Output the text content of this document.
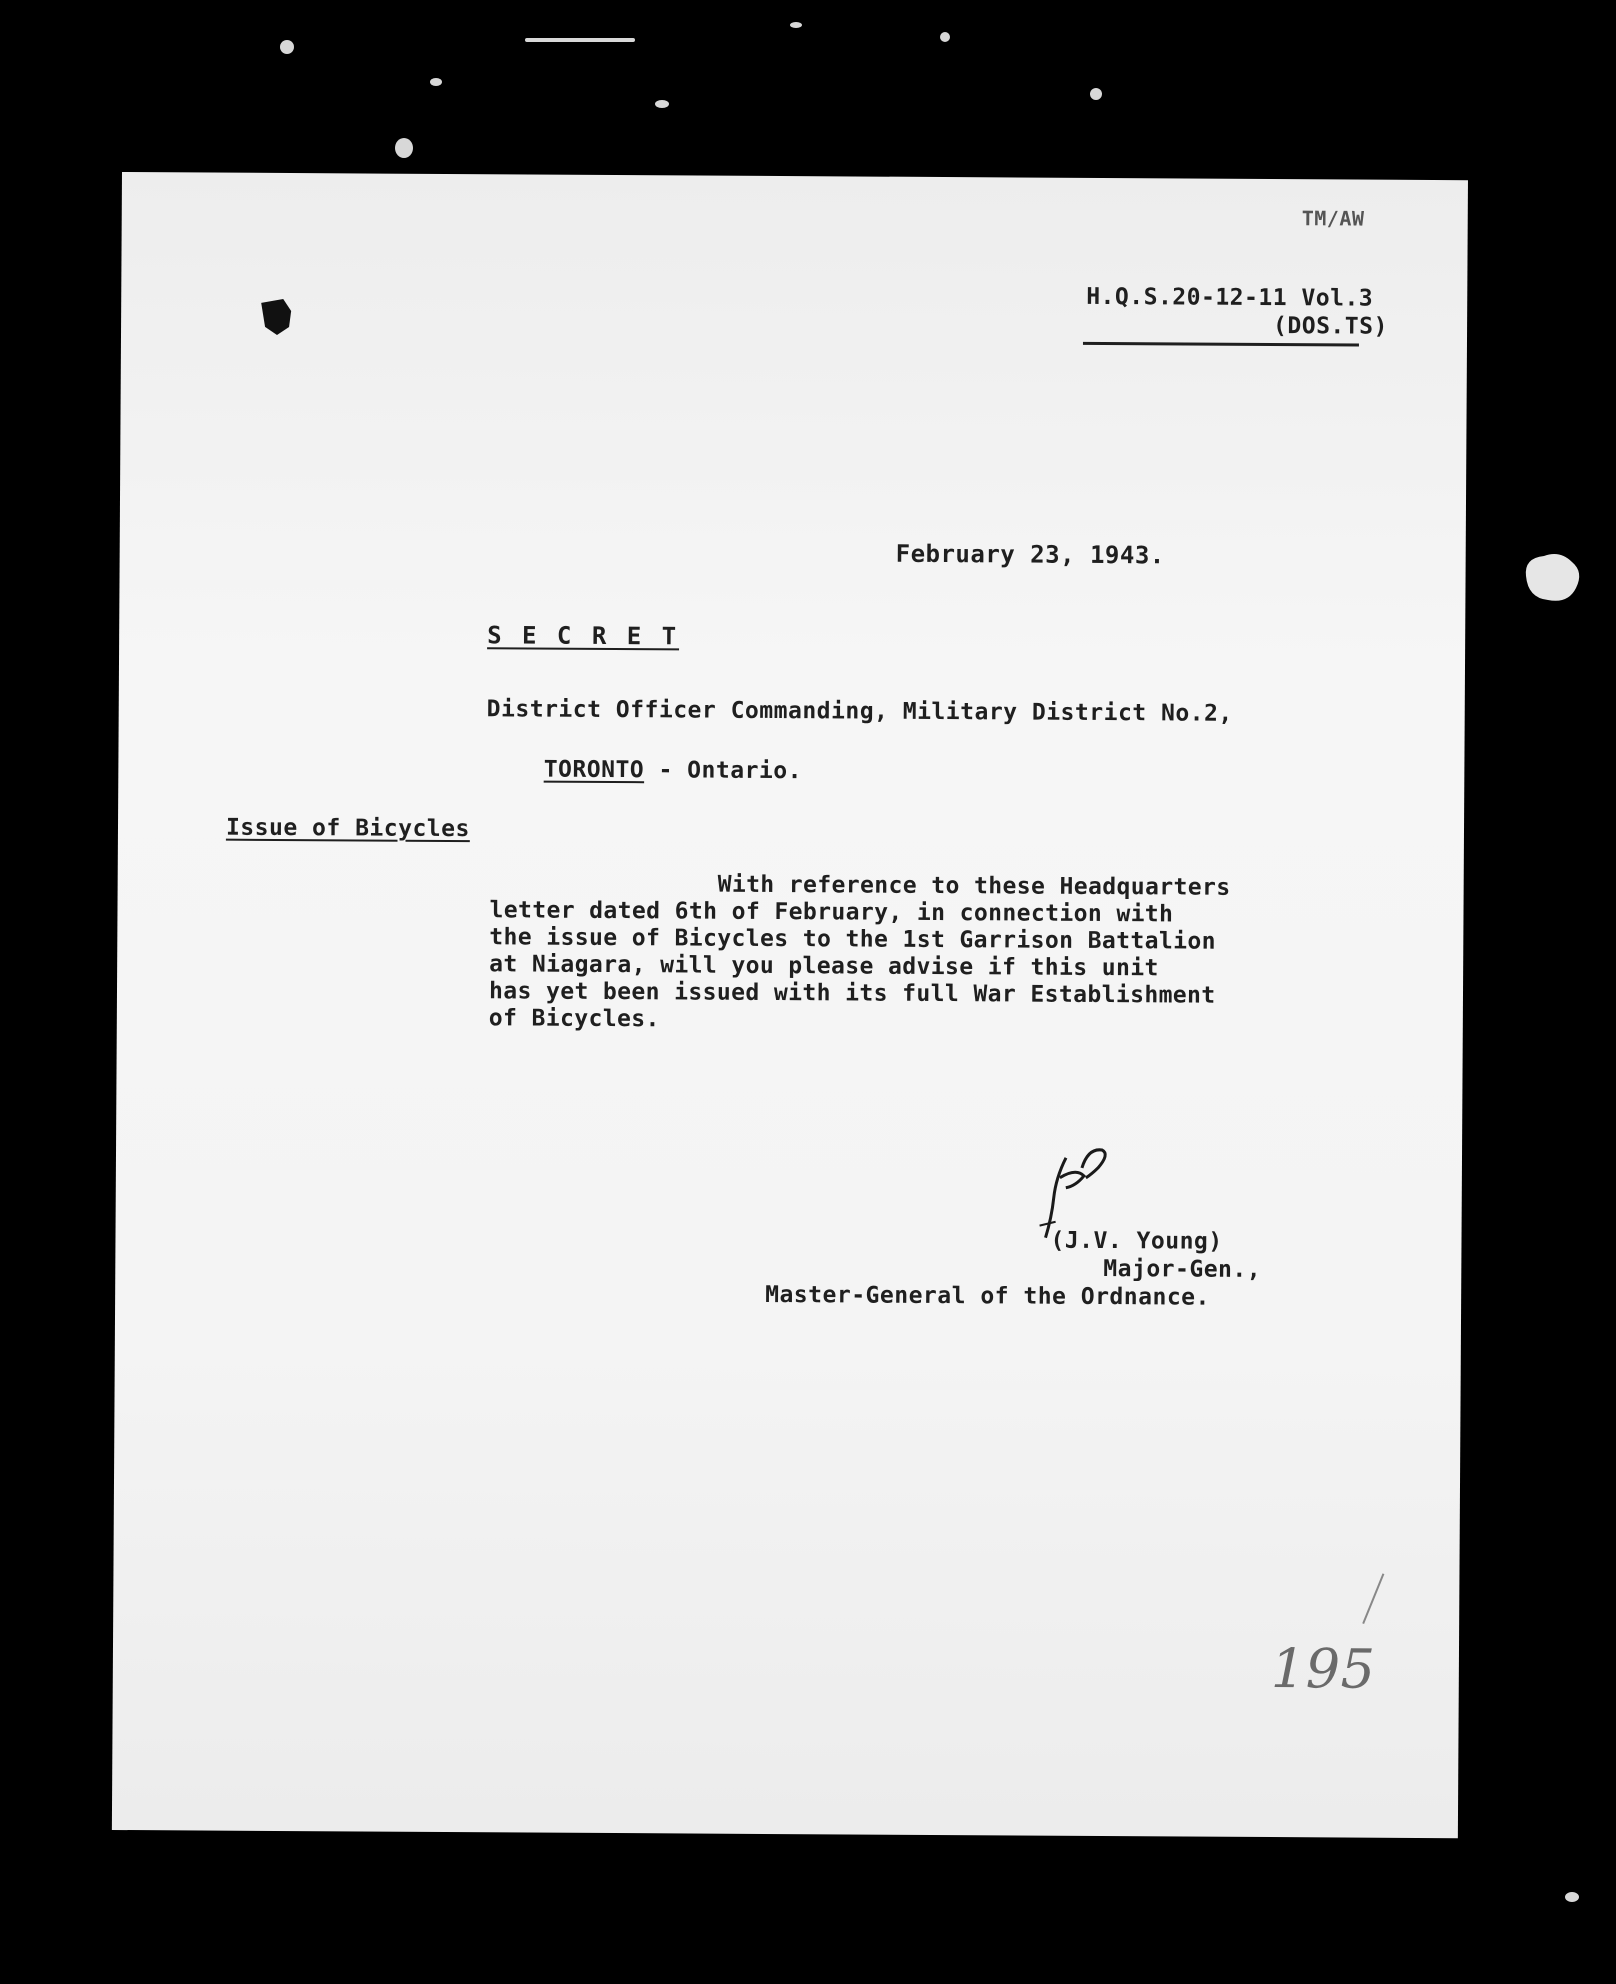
TM/AW
H.Q.S.20-12-11 Vol.3
(DOS.TS)
February 23, 1943.
S E C R E T
District Officer Commanding, Military District No.2,

TORONTO - Ontario.

Issue of Bicycles
With reference to these Headquarters
letter dated 6th of February, in connection with
the issue of Bicycles to the 1st Garrison Battalion
at Niagara, will you please advise if this unit
has yet been issued with its full War Establishment
of Bicycles.
(J.V. Young)
Major-Gen.,
Master-General of the Ordnance.
195
